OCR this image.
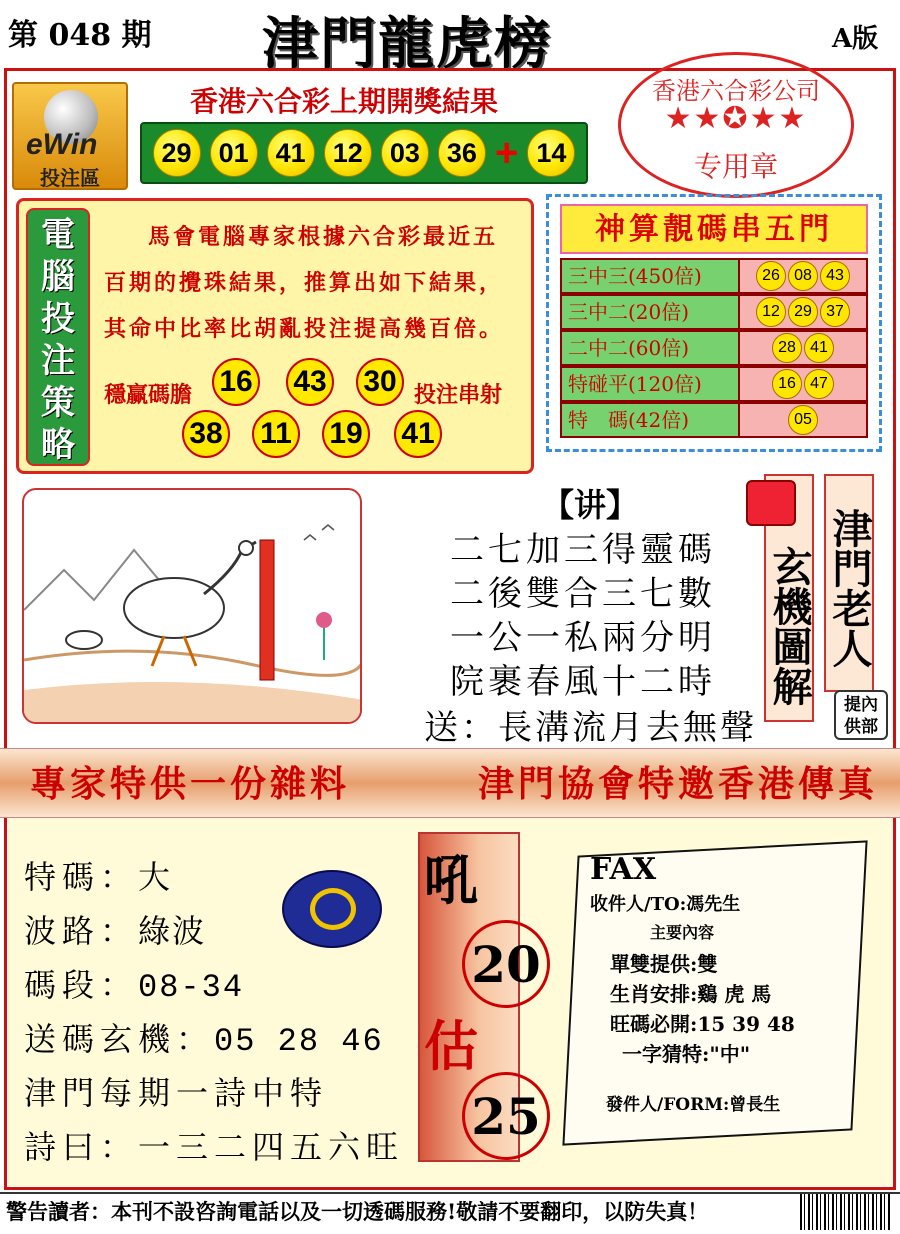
第 048 期 津門龍虎榜	A版
eWin
投注區
香港六合彩上期開獎結果
29	01	41	12	03	36 + 14
香港六合彩公司
★★✪★★
专用章
電腦投注策略
馬會電腦專家根據六合彩最近五百期的攪珠結果，推算出如下結果，其命中比率比胡亂投注提高幾百倍。
穩赢碼膽 16 43 30 投注串射
38 11 19 41
神算靚碼串五門
三中三(450倍)	26 08 43
三中二(20倍)	12 29 37
二中二(60倍)	28 41
特碰平(120倍)	16 47
特　碼(42倍)	05
【讲】
二七加三得靈碼
二後雙合三七數
一公一私兩分明
院裹春風十二時
送：長溝流月去無聲
玄機圖解 津門老人
提內供部
專家特供一份雜料	津門協會特邀香港傳真
特碼：大
波路：綠波
碼段：08-34
送碼玄機：05 28 46
津門每期一詩中特
詩曰：一三二四五六旺
吼
20
估
25
FAX
收件人/TO:馮先生
主要內容
單雙提供:雙
生肖安排:鷄 虎 馬
旺碼必開:15 39 48
一字猜特:"中"
發件人/FORM:曾長生
警告讀者：本刊不設咨詢電話以及一切透碼服務!敬請不要翻印，以防失真！
